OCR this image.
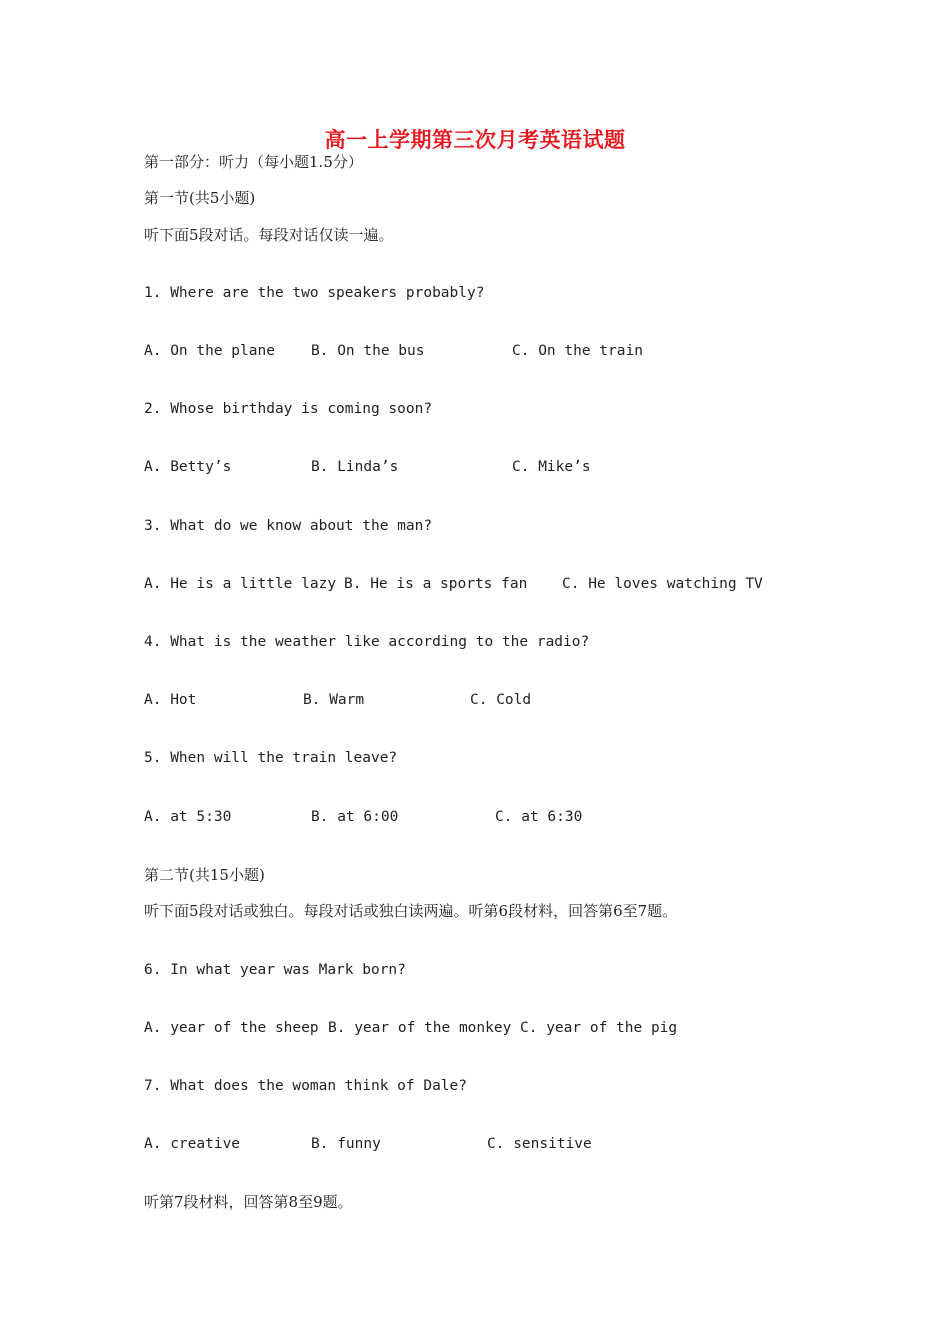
高一上学期第三次月考英语试题
第一部分：听力（每小题1.5分）
第一节(共5小题)
听下面5段对话。每段对话仅读一遍。
1. Where are the two speakers probably?
A. On the plane B. On the bus	C. On the train
2. Whose birthday is coming soon?
A. Betty’s	B. Linda’s	C. Mike’s
3. What do we know about the man?
A. He is a little lazy B. He is a sports fan C. He loves watching TV
4. What is the weather like according to the radio?
A. Hot	B. Warm	C. Cold
5. When will the train leave?
A. at 5:30	B. at 6:00	C. at 6:30
第二节(共15小题)
听下面5段对话或独白。每段对话或独白读两遍。听第6段材料，回答第6至7题。
6. In what year was Mark born?
A. year of the sheep B. year of the monkey C. year of the pig
7. What does the woman think of Dale?
A. creative	B. funny	C. sensitive
听第7段材料，回答第8至9题。
